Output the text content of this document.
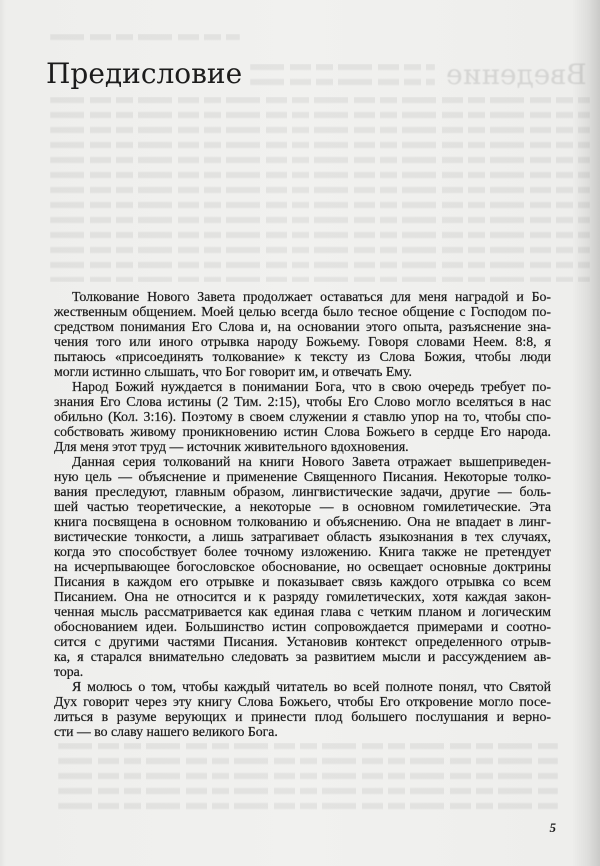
Введение
Предисловие
Толкование Нового Завета продолжает оставаться для меня наградой и Бо-
жественным общением. Моей целью всегда было тесное общение с Господом по-
средством понимания Его Слова и, на основании этого опыта, разъяснение зна-
чения того или иного отрывка народу Божьему. Говоря словами Неем. 8:8, я
пытаюсь «присоединять толкование» к тексту из Слова Божия, чтобы люди
могли истинно слышать, что Бог говорит им, и отвечать Ему.
Народ Божий нуждается в понимании Бога, что в свою очередь требует по-
знания Его Слова истины (2 Тим. 2:15), чтобы Его Слово могло вселяться в нас
обильно (Кол. 3:16). Поэтому в своем служении я ставлю упор на то, чтобы спо-
собствовать живому проникновению истин Слова Божьего в сердце Его народа.
Для меня этот труд — источник живительного вдохновения.
Данная серия толкований на книги Нового Завета отражает вышеприведен-
ную цель — объяснение и применение Священного Писания. Некоторые толко-
вания преследуют, главным образом, лингвистические задачи, другие — боль-
шей частью теоретические, а некоторые — в основном гомилетические. Эта
книга посвящена в основном толкованию и объяснению. Она не впадает в линг-
вистические тонкости, а лишь затрагивает область языкознания в тех случаях,
когда это способствует более точному изложению. Книга также не претендует
на исчерпывающее богословское обоснование, но освещает основные доктрины
Писания в каждом его отрывке и показывает связь каждого отрывка со всем
Писанием. Она не относится и к разряду гомилетических, хотя каждая закон-
ченная мысль рассматривается как единая глава с четким планом и логическим
обоснованием идеи. Большинство истин сопровождается примерами и соотно-
сится с другими частями Писания. Установив контекст определенного отрыв-
ка, я старался внимательно следовать за развитием мысли и рассуждением ав-
тора.
Я молюсь о том, чтобы каждый читатель во всей полноте понял, что Святой
Дух говорит через эту книгу Слова Божьего, чтобы Его откровение могло посе-
литься в разуме верующих и принести плод большего послушания и верно-
сти — во славу нашего великого Бога.
5
